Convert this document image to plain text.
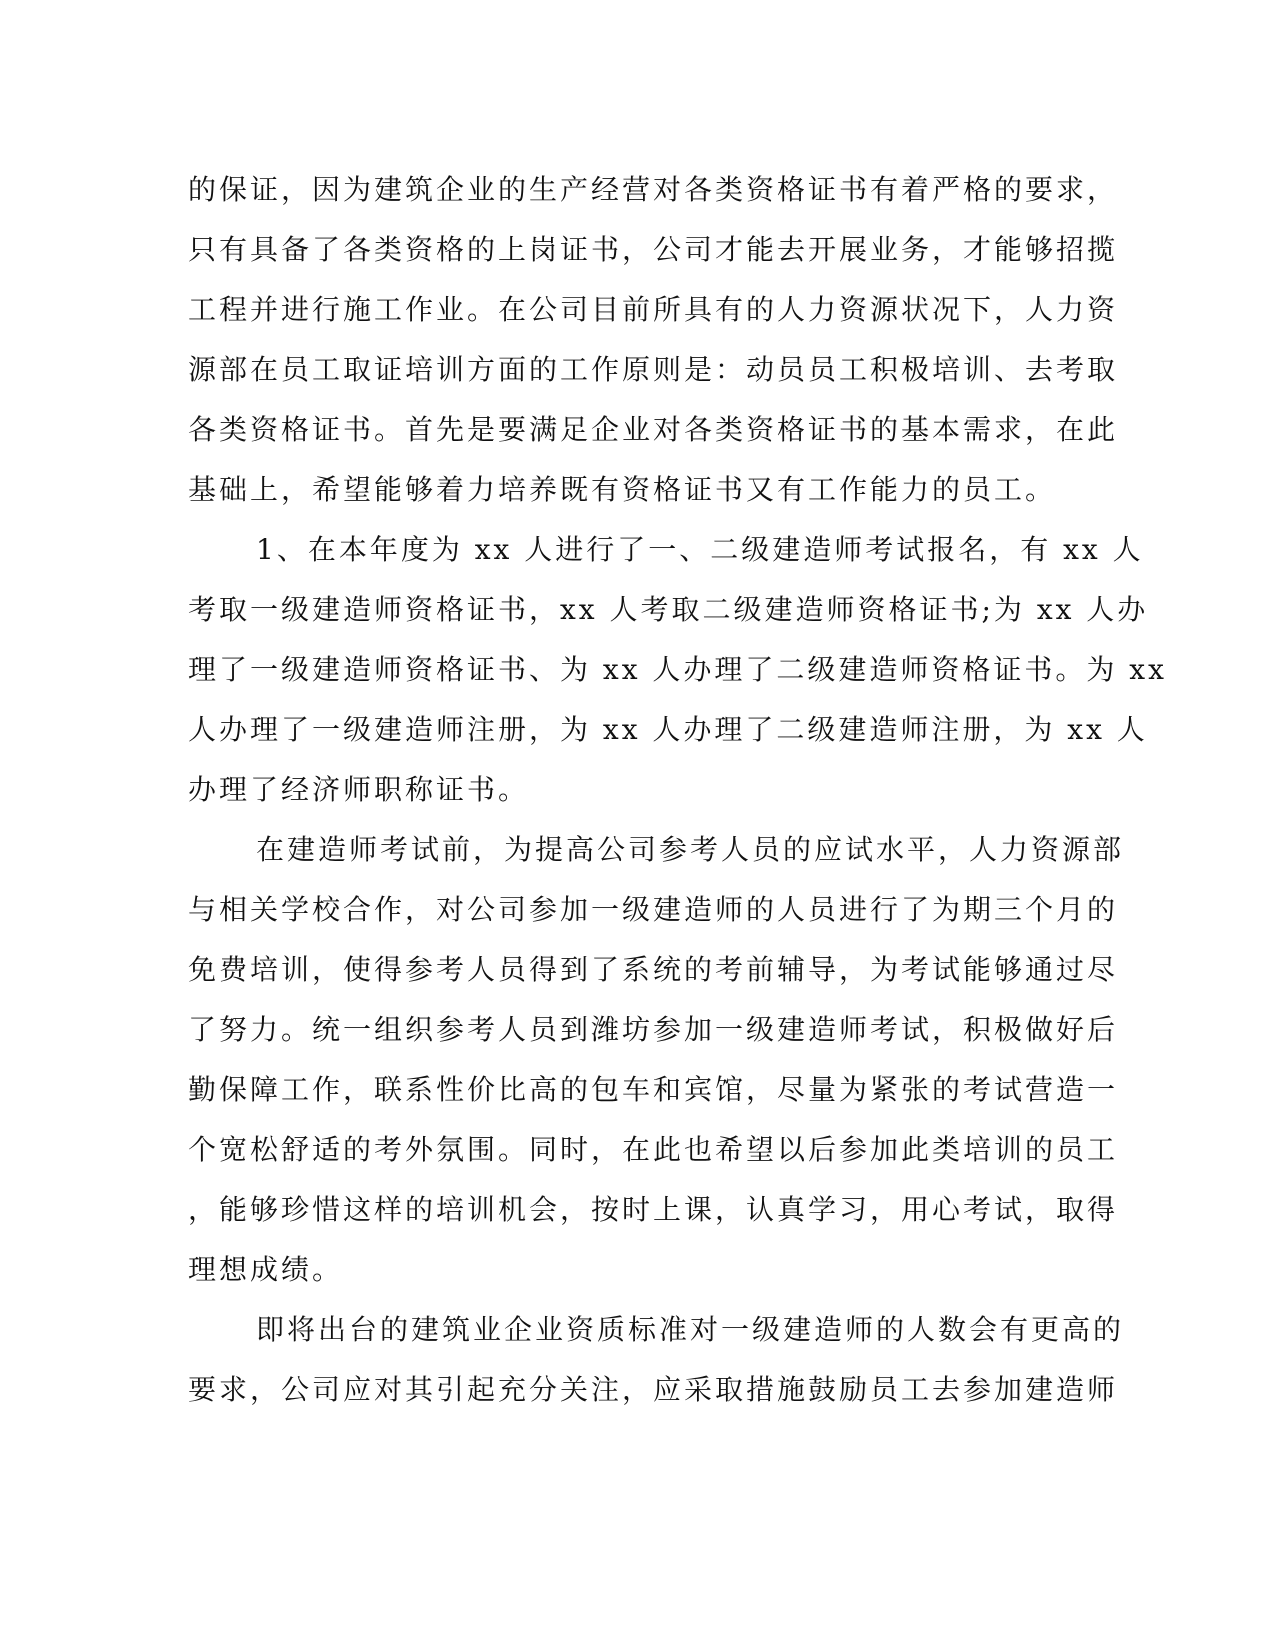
的保证，因为建筑企业的生产经营对各类资格证书有着严格的要求，
只有具备了各类资格的上岗证书，公司才能去开展业务，才能够招揽
工程并进行施工作业。在公司目前所具有的人力资源状况下，人力资
源部在员工取证培训方面的工作原则是：动员员工积极培训、去考取
各类资格证书。首先是要满足企业对各类资格证书的基本需求，在此
基础上，希望能够着力培养既有资格证书又有工作能力的员工。
1、在本年度为 xx 人进行了一、二级建造师考试报名，有 xx 人
考取一级建造师资格证书，xx 人考取二级建造师资格证书;为 xx 人办
理了一级建造师资格证书、为 xx 人办理了二级建造师资格证书。为 xx
人办理了一级建造师注册，为 xx 人办理了二级建造师注册，为 xx 人
办理了经济师职称证书。
在建造师考试前，为提高公司参考人员的应试水平，人力资源部
与相关学校合作，对公司参加一级建造师的人员进行了为期三个月的
免费培训，使得参考人员得到了系统的考前辅导，为考试能够通过尽
了努力。统一组织参考人员到潍坊参加一级建造师考试，积极做好后
勤保障工作，联系性价比高的包车和宾馆，尽量为紧张的考试营造一
个宽松舒适的考外氛围。同时，在此也希望以后参加此类培训的员工
，能够珍惜这样的培训机会，按时上课，认真学习，用心考试，取得
理想成绩。
即将出台的建筑业企业资质标准对一级建造师的人数会有更高的
要求，公司应对其引起充分关注，应采取措施鼓励员工去参加建造师
